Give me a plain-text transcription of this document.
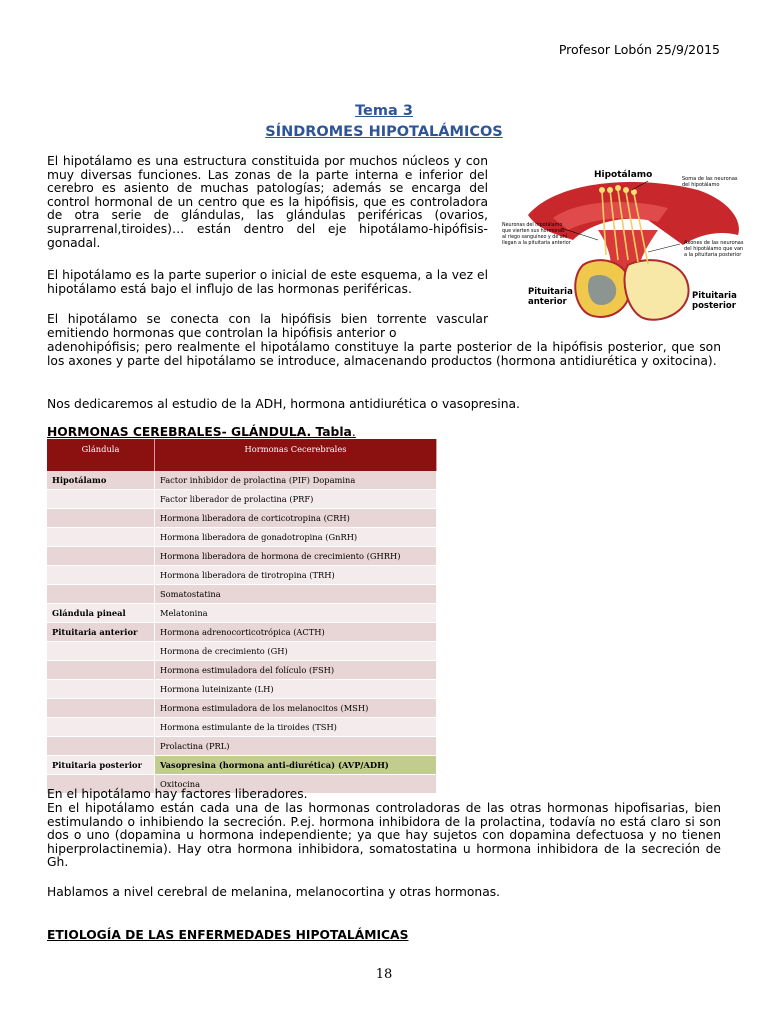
Profesor Lobón 25/9/2015
Tema 3
SÍNDROMES HIPOTALÁMICOS
El hipotálamo es una estructura constituida por muchos núcleos y con muy diversas funciones. Las zonas de la parte interna e inferior del cerebro es asiento de muchas patologías; además se encarga del control hormonal de un centro que es la hipófisis, que es controladora de otra serie de glándulas, las glándulas periféricas (ovarios, suprarrenal,tiroides)… están dentro del eje hipotálamo-hipófisis- gonadal.
El hipotálamo es la parte superior o inicial de este esquema, a la vez el hipotálamo está bajo el influjo de las hormonas periféricas.
El hipotálamo se conecta con la hipófisis bien torrente vascular emitiendo hormonas que controlan la hipófisis anterior o
adenohipófisis; pero realmente el hipotálamo constituye la parte posterior de la hipófisis posterior, que son los axones y parte del hipotálamo se introduce, almacenando productos (hormona antidiurética y oxitocina).
Nos dedicaremos al estudio de la ADH, hormona antidiurética o vasopresina.
HORMONAS CEREBRALES- GLÁNDULA. Tabla.
Hipotálamo	Soma de las neuronas del hipotálamo
Neuronas del hipotálamo que vierten sus hormonas al riego sanguíneo y de ahí llegan a la pituitaria anterior	Axones de las neuronas del hipotálamo que van a la pituitaria posterior
Pituitaria anterior
Pituitaria posterior
Glándula	Hormonas Cecerebrales
Hipotálamo	Factor inhibidor de prolactina (PIF) Dopamina
	Factor liberador de prolactina (PRF)
	Hormona liberadora de corticotropina (CRH)
	Hormona liberadora de gonadotropina (GnRH)
	Hormona liberadora de hormona de crecimiento (GHRH)
	Hormona liberadora de tirotropina (TRH)
	Somatostatina
Glándula pineal	Melatonina
Pituitaria anterior	Hormona adrenocorticotrópica (ACTH)
	Hormona de crecimiento (GH)
	Hormona estimuladora del folículo (FSH)
	Hormona luteinizante (LH)
	Hormona estimuladora de los melanocitos (MSH)
	Hormona estimulante de la tiroides (TSH)
	Prolactina (PRL)
Pituitaria posterior	Vasopresina (hormona anti-diurética) (AVP/ADH)
	Oxitocina
En el hipotálamo hay factores liberadores.
En el hipotálamo están cada una de las hormonas controladoras de las otras hormonas hipofisarias, bien estimulando o inhibiendo la secreción. P.ej. hormona inhibidora de la prolactina, todavía no está claro si son dos o uno (dopamina u hormona independiente; ya que hay sujetos con dopamina defectuosa y no tienen hiperprolactinemia). Hay otra hormona inhibidora, somatostatina u hormona inhibidora de la secreción de Gh.
Hablamos a nivel cerebral de melanina, melanocortina y otras hormonas.
ETIOLOGÍA DE LAS ENFERMEDADES HIPOTALÁMICAS
18
